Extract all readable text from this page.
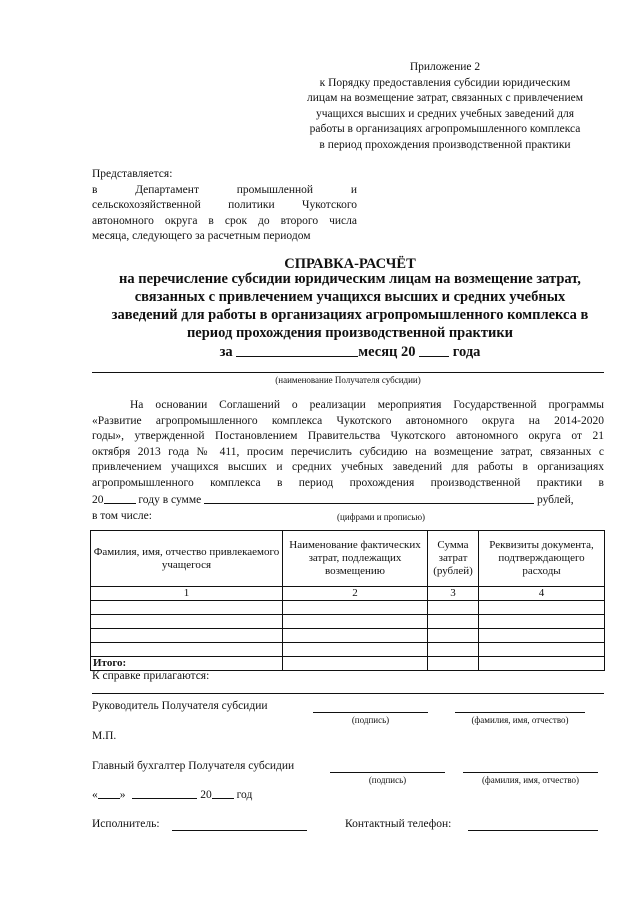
Приложение 2
к Порядку предоставления субсидии юридическим
лицам на возмещение затрат, связанных с привлечением
учащихся высших и средних учебных заведений для
работы в организациях агропромышленного комплекса
в период прохождения производственной практики
Представляется:
в Департамент промышленной и
сельскохозяйственной политики Чукотского
автономного округа в срок до второго числа
месяца, следующего за расчетным периодом
СПРАВКА-РАСЧЁТ
на перечисление субсидии юридическим лицам на возмещение затрат,
связанных с привлечением учащихся высших и средних учебных
заведений для работы в организациях агропромышленного комплекса в
период прохождения производственной практики
за	месяц 20	года
(наименование Получателя субсидии)
На основании Соглашений о реализации мероприятия Государственной программы
«Развитие агропромышленного комплекса Чукотского автономного округа на 2014-2020
годы», утвержденной Постановлением Правительства Чукотского автономного округа от 21
октября 2013 года № 411, просим перечислить субсидию на возмещение затрат, связанных с
привлечением учащихся высших и средних учебных заведений для работы в организациях
агропромышленного комплекса в период прохождения производственной практики в
20	году в сумме	рублей,
в том числе:	(цифрами и прописью)
Фамилия, имя, отчество привлекаемого учащегося	Наименование фактических затрат, подлежащих возмещению	Сумма затрат (рублей)	Реквизиты документа, подтверждающего расходы
1	2	3	4

Итого:			
К справке прилагаются:
Руководитель Получателя субсидии
(подпись)	(фамилия, имя, отчество)
М.П.
Главный бухгалтер Получателя субсидии
(подпись)	(фамилия, имя, отчество)
« »	20 год
Исполнитель:	Контактный телефон:
